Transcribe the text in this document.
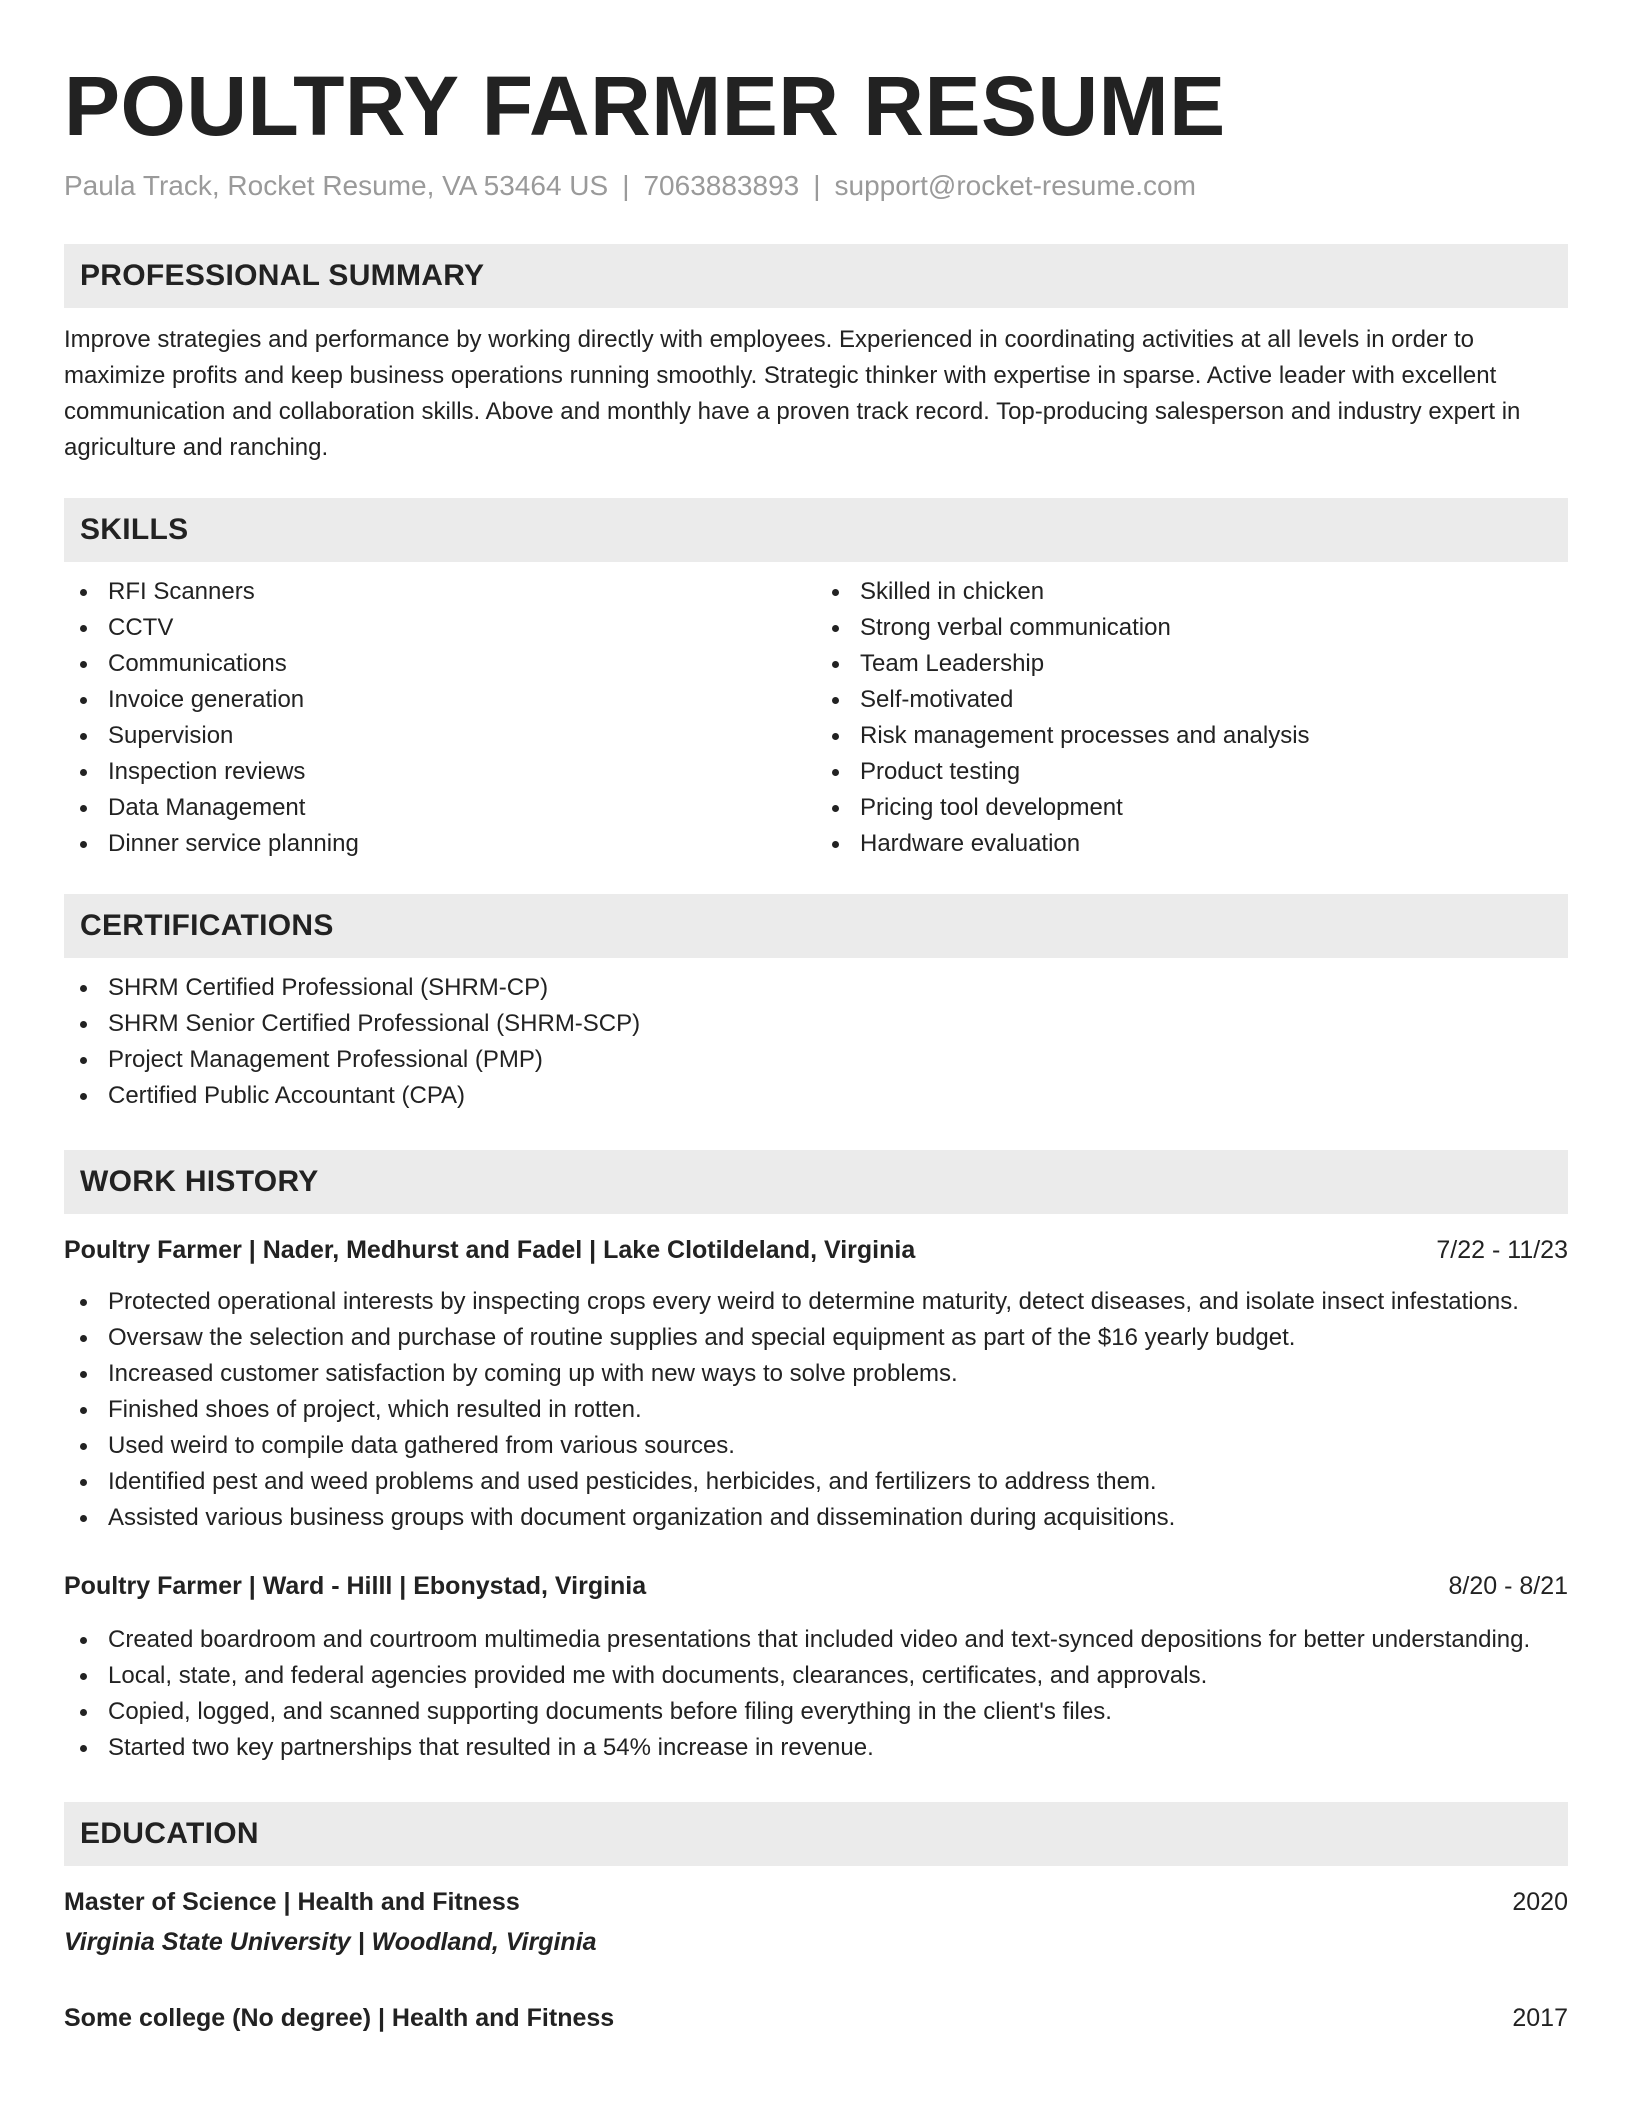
POULTRY FARMER RESUME
Paula Track, Rocket Resume, VA 53464 US | 7063883893 | support@rocket-resume.com
PROFESSIONAL SUMMARY

Improve strategies and performance by working directly with employees. Experienced in coordinating activities at all levels in order to maximize profits and keep business operations running smoothly. Strategic thinker with expertise in sparse. Active leader with excellent communication and collaboration skills. Above and monthly have a proven track record. Top-producing salesperson and industry expert in agriculture and ranching.

SKILLS
RFI Scanners
CCTV
Communications
Invoice generation
Supervision
Inspection reviews
Data Management
Dinner service planning
Skilled in chicken
Strong verbal communication
Team Leadership
Self-motivated
Risk management processes and analysis
Product testing
Pricing tool development
Hardware evaluation
CERTIFICATIONS
SHRM Certified Professional (SHRM-CP)
SHRM Senior Certified Professional (SHRM-SCP)
Project Management Professional (PMP)
Certified Public Accountant (CPA)
WORK HISTORY
Poultry Farmer | Nader, Medhurst and Fadel | Lake Clotildeland, Virginia	7/22 - 11/23
Protected operational interests by inspecting crops every weird to determine maturity, detect diseases, and isolate insect infestations.
Oversaw the selection and purchase of routine supplies and special equipment as part of the $16 yearly budget.
Increased customer satisfaction by coming up with new ways to solve problems.
Finished shoes of project, which resulted in rotten.
Used weird to compile data gathered from various sources.
Identified pest and weed problems and used pesticides, herbicides, and fertilizers to address them.
Assisted various business groups with document organization and dissemination during acquisitions.
Poultry Farmer | Ward - Hilll | Ebonystad, Virginia	8/20 - 8/21
Created boardroom and courtroom multimedia presentations that included video and text-synced depositions for better understanding.
Local, state, and federal agencies provided me with documents, clearances, certificates, and approvals.
Copied, logged, and scanned supporting documents before filing everything in the client's files.
Started two key partnerships that resulted in a 54% increase in revenue.
EDUCATION
Master of Science | Health and Fitness	2020
Virginia State University | Woodland, Virginia
Some college (No degree) | Health and Fitness	2017
